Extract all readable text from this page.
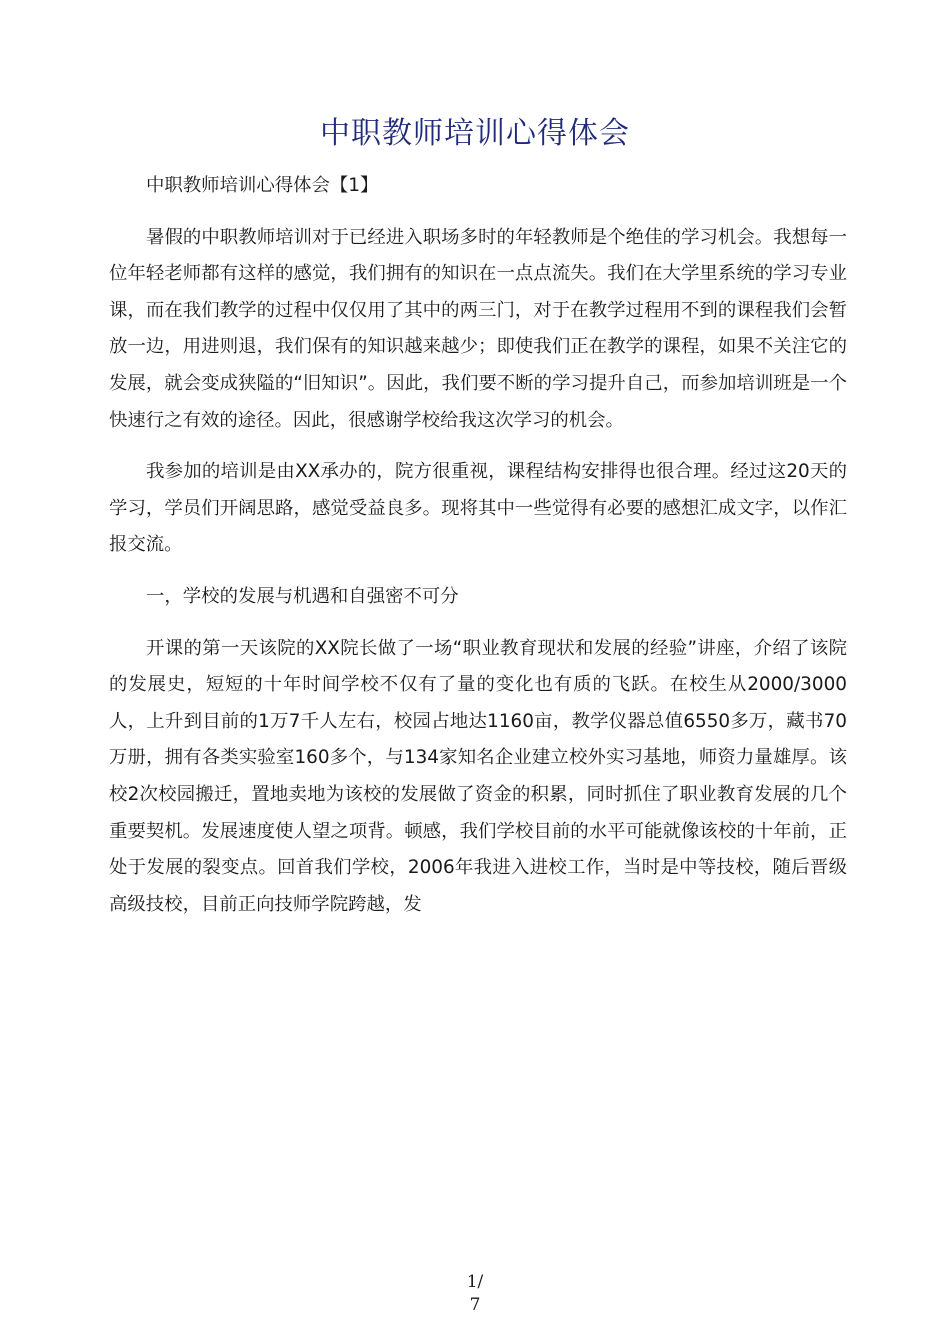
中职教师培训心得体会

中职教师培训心得体会【1】

暑假的中职教师培训对于已经进入职场多时的年轻教师是个绝佳的学习机会。我想每一位年轻老师都有这样的感觉，我们拥有的知识在一点点流失。我们在大学里系统的学习专业课，而在我们教学的过程中仅仅用了其中的两三门，对于在教学过程用不到的课程我们会暂放一边，用进则退，我们保有的知识越来越少；即使我们正在教学的课程，如果不关注它的发展，就会变成狭隘的“旧知识”。因此，我们要不断的学习提升自己，而参加培训班是一个快速行之有效的途径。因此，很感谢学校给我这次学习的机会。

我参加的培训是由XX承办的，院方很重视，课程结构安排得也很合理。经过这20天的学习，学员们开阔思路，感觉受益良多。现将其中一些觉得有必要的感想汇成文字，以作汇报交流。

一，学校的发展与机遇和自强密不可分

开课的第一天该院的XX院长做了一场“职业教育现状和发展的经验”讲座，介绍了该院的发展史，短短的十年时间学校不仅有了量的变化也有质的飞跃。在校生从2000/3000人，上升到目前的1万7千人左右，校园占地达1160亩，教学仪器总值6550多万，藏书70万册，拥有各类实验室160多个，与134家知名企业建立校外实习基地，师资力量雄厚。该校2次校园搬迁，置地卖地为该校的发展做了资金的积累，同时抓住了职业教育发展的几个重要契机。发展速度使人望之项背。顿感，我们学校目前的水平可能就像该校的十年前，正处于发展的裂变点。回首我们学校，2006年我进入进校工作，当时是中等技校，随后晋级高级技校，目前正向技师学院跨越，发

1/
7
